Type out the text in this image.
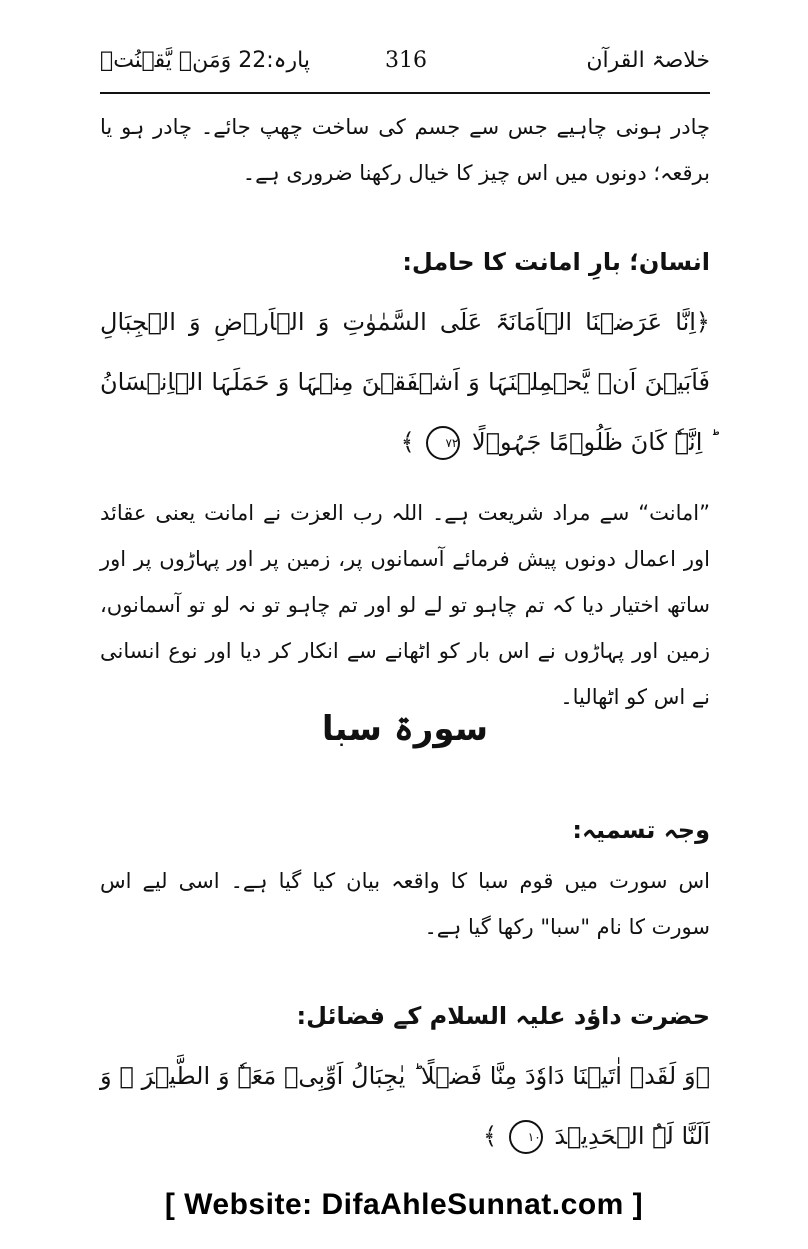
خلاصۃ القرآن
316
پارہ:22 وَمَنۡ یَّقۡنُتۡ
چادر ہونی چاہیے جس سے جسم کی ساخت چھپ جائے۔ چادر ہو یا برقعہ؛ دونوں میں اس چیز کا خیال رکھنا ضروری ہے۔
انسان؛ بارِ امانت کا حامل:
﴿اِنَّا عَرَضۡنَا الۡاَمَانَۃَ عَلَی السَّمٰوٰتِ وَ الۡاَرۡضِ وَ الۡجِبَالِ فَاَبَیۡنَ اَنۡ یَّحۡمِلۡنَہَا وَ اَشۡفَقۡنَ مِنۡہَا وَ حَمَلَہَا الۡاِنۡسَانُ ؕ اِنَّہٗ کَانَ ظَلُوۡمًا جَہُوۡلًا ۷۲ ﴾
”امانت“ سے مراد شریعت ہے۔ اللہ رب العزت نے امانت یعنی عقائد اور اعمال دونوں پیش فرمائے آسمانوں پر، زمین پر اور پہاڑوں پر اور ساتھ اختیار دیا کہ تم چاہو تو لے لو اور تم چاہو تو نہ لو تو آسمانوں، زمین اور پہاڑوں نے اس بار کو اٹھانے سے انکار کر دیا اور نوع انسانی نے اس کو اٹھالیا۔
سورۃ سبا
وجہ تسمیہ:
اس سورت میں قوم سبا کا واقعہ بیان کیا گیا ہے۔ اسی لیے اس سورت کا نام "سبا" رکھا گیا ہے۔
حضرت داؤد علیہ السلام کے فضائل:
﴿وَ لَقَدۡ اٰتَیۡنَا دَاوٗدَ مِنَّا فَضۡلًا ؕ یٰجِبَالُ اَوِّبِیۡ مَعَہٗ وَ الطَّیۡرَ ۚ وَ اَلَنَّا لَہُ الۡحَدِیۡدَ ۱۰ ﴾
[ Website: DifaAhleSunnat.com ]
